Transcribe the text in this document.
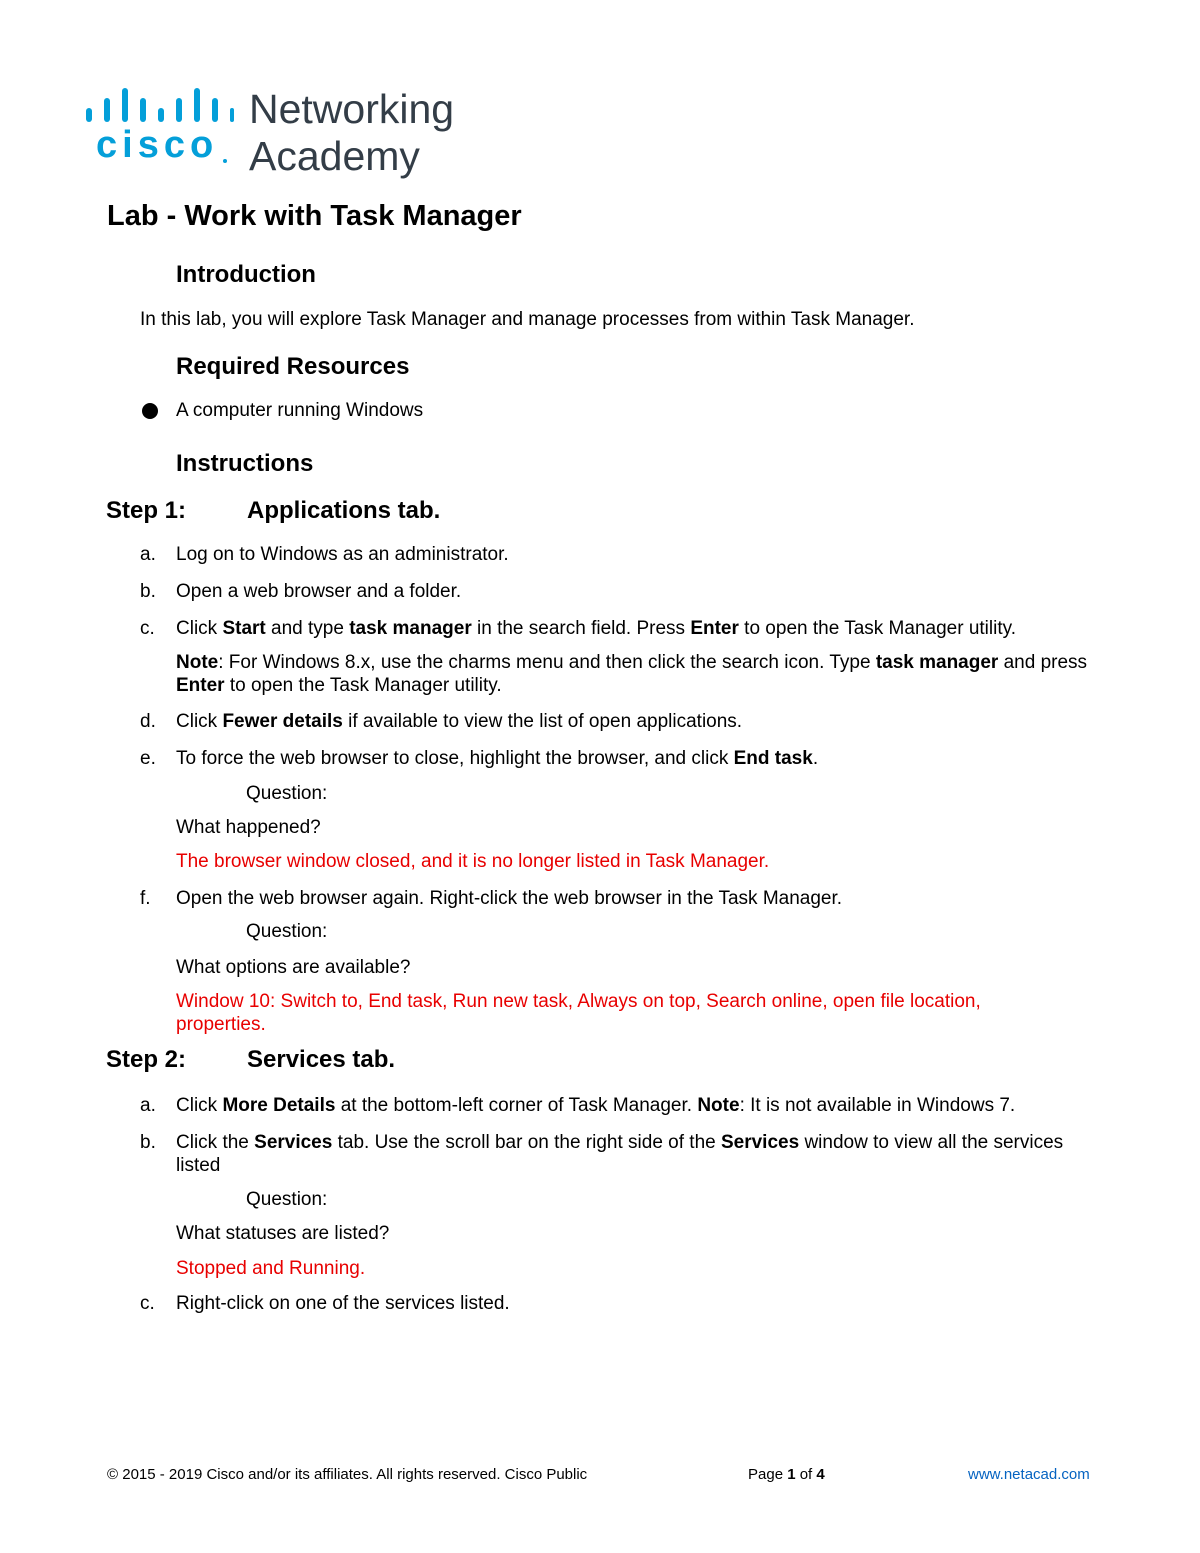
cisco
Networking
Academy
Lab - Work with Task Manager
Introduction
In this lab, you will explore Task Manager and manage processes from within Task Manager.
Required Resources
A computer running Windows
Instructions
Step 1:	Applications tab.
a. Log on to Windows as an administrator.
b. Open a web browser and a folder.
c. Click Start and type task manager in the search field. Press Enter to open the Task Manager utility.
Note: For Windows 8.x, use the charms menu and then click the search icon. Type task manager and press Enter to open the Task Manager utility.
d. Click Fewer details if available to view the list of open applications.
e. To force the web browser to close, highlight the browser, and click End task.
Question:
What happened?
The browser window closed, and it is no longer listed in Task Manager.
f. Open the web browser again. Right-click the web browser in the Task Manager.
Question:
What options are available?
Window 10: Switch to, End task, Run new task, Always on top, Search online, open file location, properties.
Step 2:	Services tab.
a. Click More Details at the bottom-left corner of Task Manager. Note: It is not available in Windows 7.
b. Click the Services tab. Use the scroll bar on the right side of the Services window to view all the services listed
Question:
What statuses are listed?
Stopped and Running.
c. Right-click on one of the services listed.
© 2015 - 2019 Cisco and/or its affiliates. All rights reserved. Cisco Public	Page 1 of 4	www.netacad.com
